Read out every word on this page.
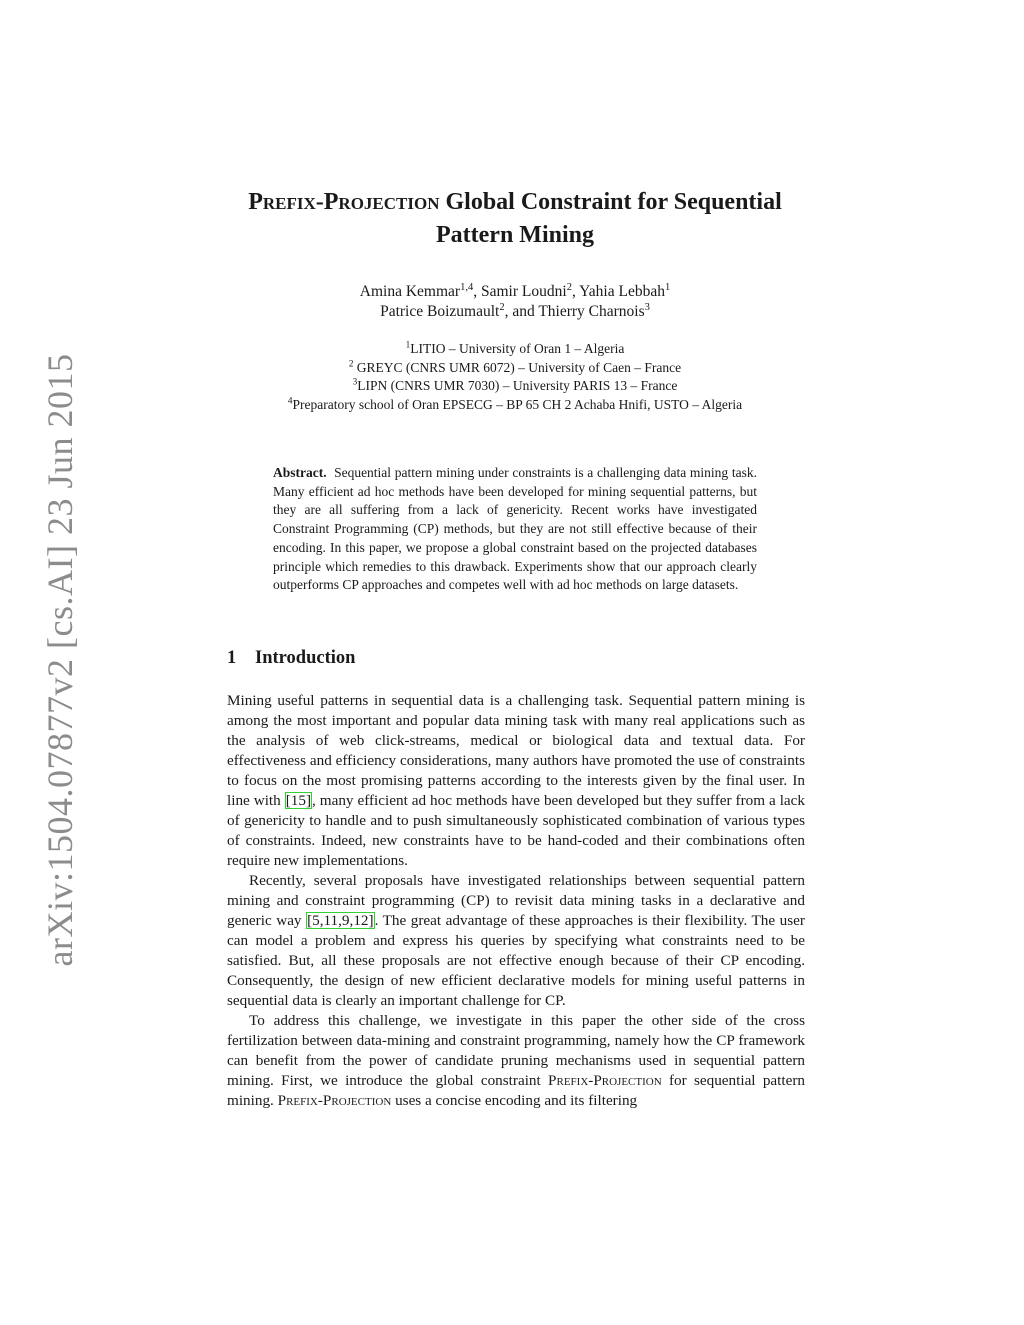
arXiv:1504.07877v2 [cs.AI] 23 Jun 2015
Prefix-Projection Global Constraint for Sequential
Pattern Mining
Amina Kemmar$^{1,4}$, Samir Loudni$^2$, Yahia Lebbah$^1$
Patrice Boizumault$^2$, and Thierry Charnois$^3$
$^1$LITIO – University of Oran 1 – Algeria
$^2$ GREYC (CNRS UMR 6072) – University of Caen – France
$^3$LIPN (CNRS UMR 7030) – University PARIS 13 – France
$^4$Preparatory school of Oran EPSECG – BP 65 CH 2 Achaba Hnifi, USTO – Algeria
Abstract. Sequential pattern mining under constraints is a challenging data mining task. Many efficient ad hoc methods have been developed for mining sequential patterns, but they are all suffering from a lack of genericity. Recent works have investigated Constraint Programming (CP) methods, but they are not still effective because of their encoding. In this paper, we propose a global constraint based on the projected databases principle which remedies to this drawback. Experiments show that our approach clearly outperforms CP approaches and competes well with ad hoc methods on large datasets.
1 Introduction

Mining useful patterns in sequential data is a challenging task. Sequential pattern mining is among the most important and popular data mining task with many real applications such as the analysis of web click-streams, medical or biological data and textual data. For effectiveness and efficiency considerations, many authors have promoted the use of constraints to focus on the most promising patterns according to the interests given by the final user. In line with [15], many efficient ad hoc methods have been developed but they suffer from a lack of genericity to handle and to push simultaneously sophisticated combination of various types of constraints. Indeed, new constraints have to be hand-coded and their combinations often require new implementations.

Recently, several proposals have investigated relationships between sequential pattern mining and constraint programming (CP) to revisit data mining tasks in a declarative and generic way [5,11,9,12]. The great advantage of these approaches is their flexibility. The user can model a problem and express his queries by specifying what constraints need to be satisfied. But, all these proposals are not effective enough because of their CP encoding. Consequently, the design of new efficient declarative models for mining useful patterns in sequential data is clearly an important challenge for CP.

To address this challenge, we investigate in this paper the other side of the cross fertilization between data-mining and constraint programming, namely how the CP framework can benefit from the power of candidate pruning mechanisms used in sequential pattern mining. First, we introduce the global constraint Prefix-Projection for sequential pattern mining. Prefix-Projection uses a concise encoding and its filtering
